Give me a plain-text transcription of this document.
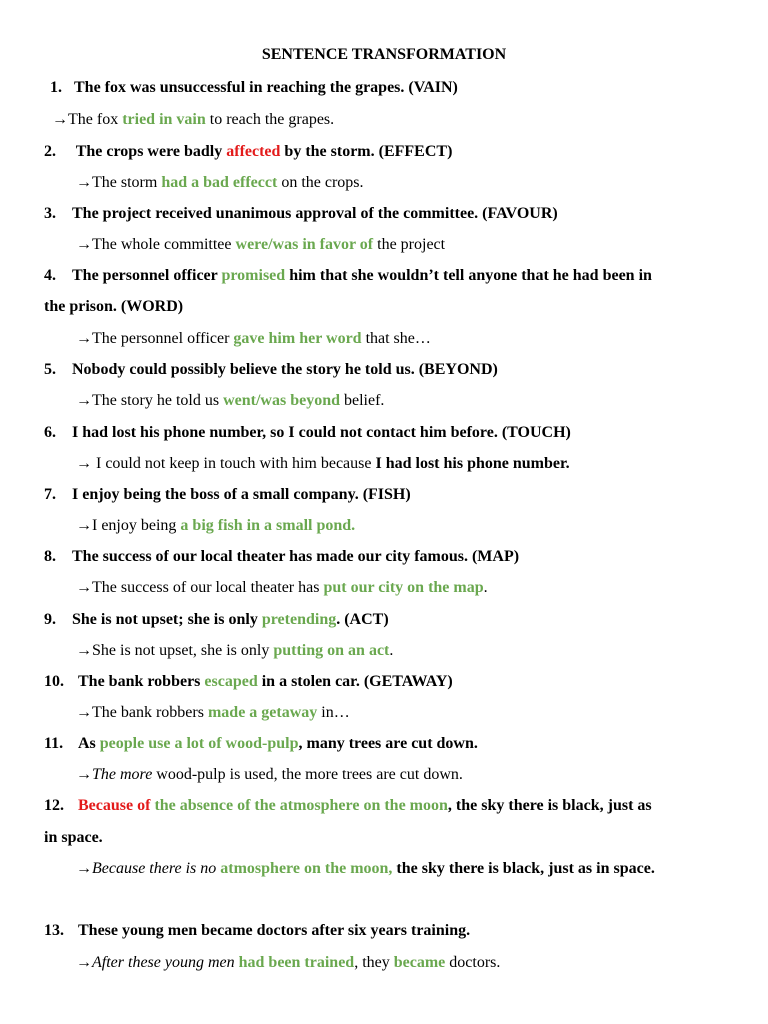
SENTENCE TRANSFORMATION
1. The fox was unsuccessful in reaching the grapes. (VAIN)
→The fox tried in vain to reach the grapes.
2. The crops were badly affected by the storm. (EFFECT)
→The storm had a bad effecct on the crops.
3. The project received unanimous approval of the committee. (FAVOUR)
→The whole committee were/was in favor of the project
4. The personnel officer promised him that she wouldn’t tell anyone that he had been in
the prison. (WORD)
→The personnel officer gave him her word that she…
5. Nobody could possibly believe the story he told us. (BEYOND)
→The story he told us went/was beyond belief.
6. I had lost his phone number, so I could not contact him before. (TOUCH)
→ I could not keep in touch with him because I had lost his phone number.
7. I enjoy being the boss of a small company. (FISH)
→I enjoy being a big fish in a small pond.
8. The success of our local theater has made our city famous. (MAP)
→The success of our local theater has put our city on the map.
9. She is not upset; she is only pretending. (ACT)
→She is not upset, she is only putting on an act.
10. The bank robbers escaped in a stolen car. (GETAWAY)
→The bank robbers made a getaway in…
11. As people use a lot of wood-pulp, many trees are cut down.
→The more wood-pulp is used, the more trees are cut down.
12. Because of the absence of the atmosphere on the moon, the sky there is black, just as
in space.
→Because there is no atmosphere on the moon, the sky there is black, just as in space.
13. These young men became doctors after six years training.
→After these young men had been trained, they became doctors.
